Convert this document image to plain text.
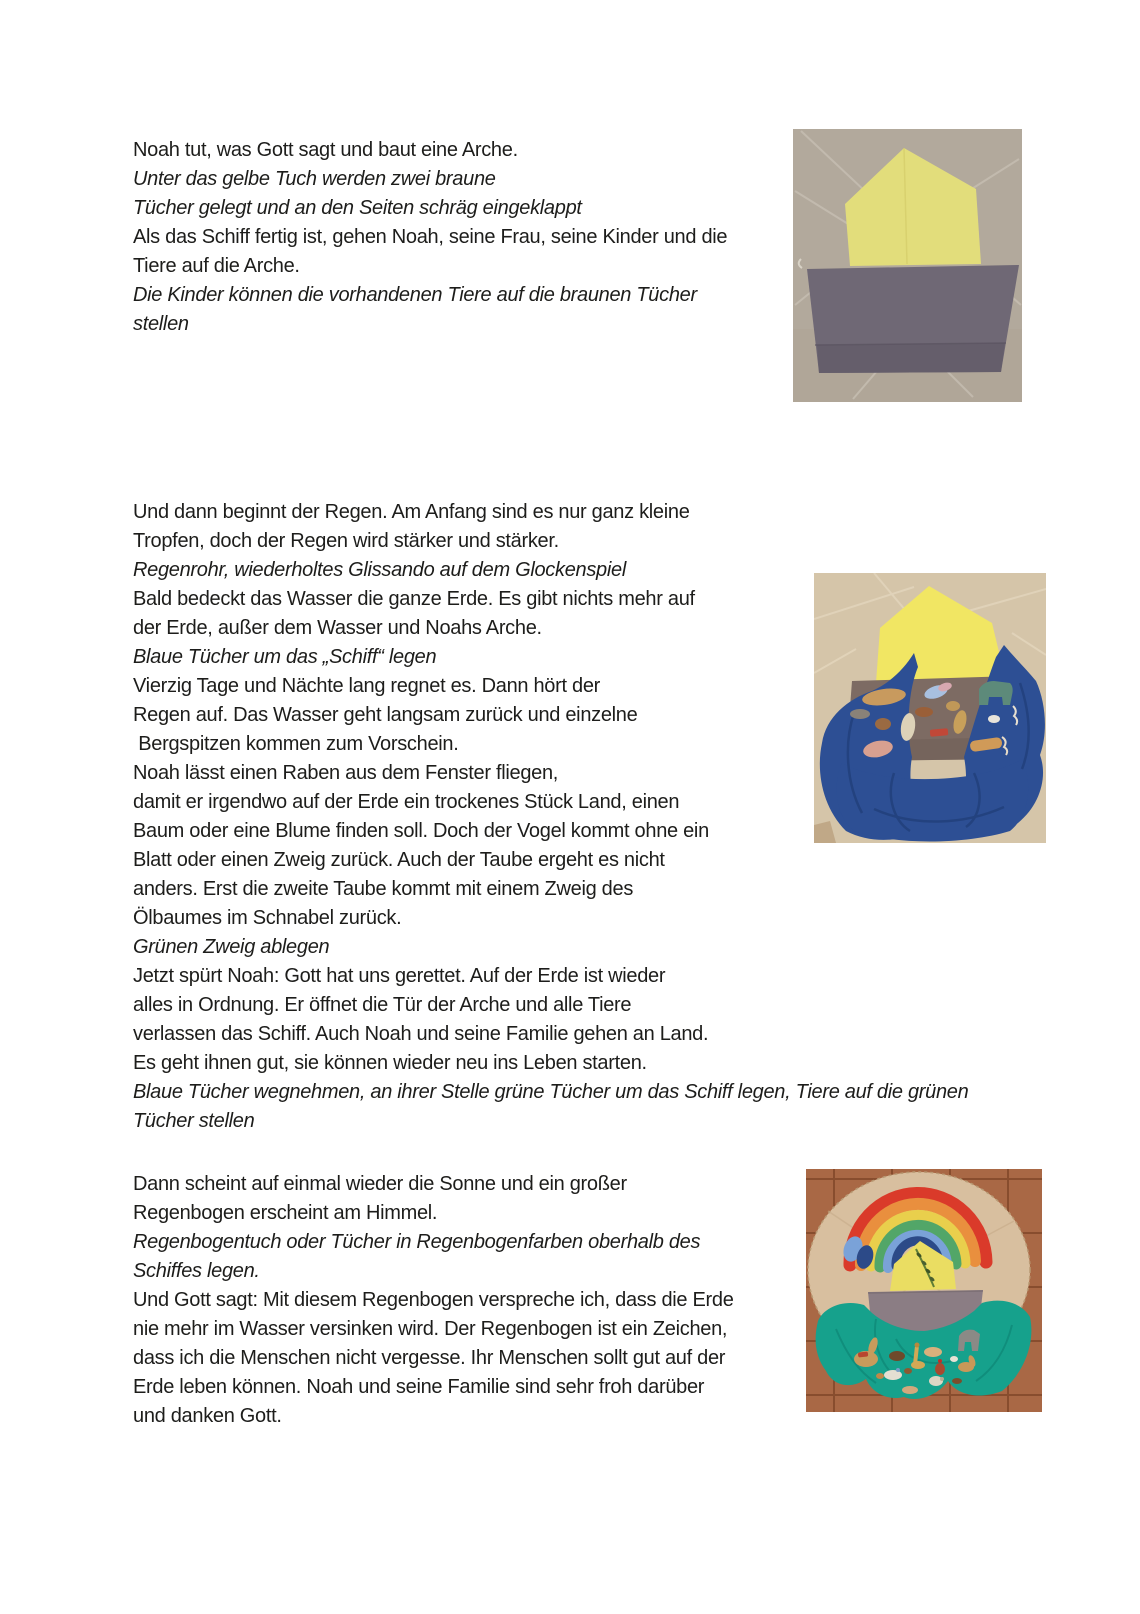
Noah tut, was Gott sagt und baut eine Arche.
Unter das gelbe Tuch werden zwei braune
Tücher gelegt und an den Seiten schräg eingeklappt
Als das Schiff fertig ist, gehen Noah, seine Frau, seine Kinder und die
Tiere auf die Arche.
Die Kinder können die vorhandenen Tiere auf die braunen Tücher
stellen
Und dann beginnt der Regen. Am Anfang sind es nur ganz kleine
Tropfen, doch der Regen wird stärker und stärker.
Regenrohr, wiederholtes Glissando auf dem Glockenspiel
Bald bedeckt das Wasser die ganze Erde. Es gibt nichts mehr auf
der Erde, außer dem Wasser und Noahs Arche.
Blaue Tücher um das „Schiff“ legen
Vierzig Tage und Nächte lang regnet es. Dann hört der
Regen auf. Das Wasser geht langsam zurück und einzelne
Bergspitzen kommen zum Vorschein.
Noah lässt einen Raben aus dem Fenster fliegen,
damit er irgendwo auf der Erde ein trockenes Stück Land, einen
Baum oder eine Blume finden soll. Doch der Vogel kommt ohne ein
Blatt oder einen Zweig zurück. Auch der Taube ergeht es nicht
anders. Erst die zweite Taube kommt mit einem Zweig des
Ölbaumes im Schnabel zurück.
Grünen Zweig ablegen
Jetzt spürt Noah: Gott hat uns gerettet. Auf der Erde ist wieder
alles in Ordnung. Er öffnet die Tür der Arche und alle Tiere
verlassen das Schiff. Auch Noah und seine Familie gehen an Land.
Es geht ihnen gut, sie können wieder neu ins Leben starten.
Blaue Tücher wegnehmen, an ihrer Stelle grüne Tücher um das Schiff legen, Tiere auf die grünen
Tücher stellen
Dann scheint auf einmal wieder die Sonne und ein großer
Regenbogen erscheint am Himmel.
Regenbogentuch oder Tücher in Regenbogenfarben oberhalb des
Schiffes legen.
Und Gott sagt: Mit diesem Regenbogen verspreche ich, dass die Erde
nie mehr im Wasser versinken wird. Der Regenbogen ist ein Zeichen,
dass ich die Menschen nicht vergesse. Ihr Menschen sollt gut auf der
Erde leben können. Noah und seine Familie sind sehr froh darüber
und danken Gott.
